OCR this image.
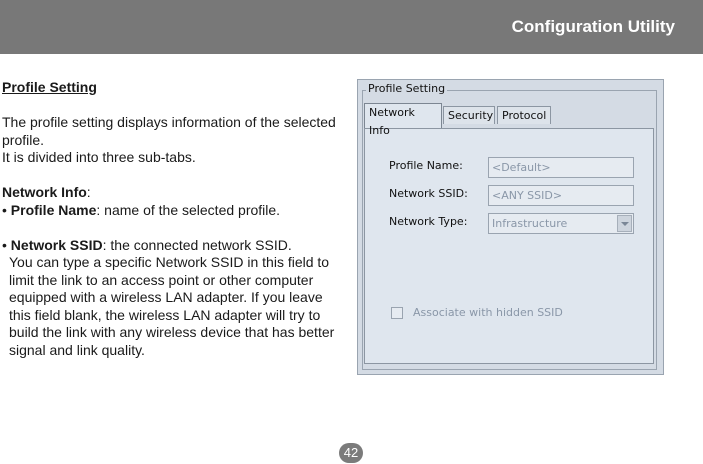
Configuration Utility

Profile Setting

The profile setting displays information of the selected profile.
It is divided into three sub-tabs.

Network Info:

• Profile Name: name of the selected profile.

• Network SSID: the connected network SSID.

You can type a specific Network SSID in this field to limit the link to an access point or other computer equipped with a wireless LAN adapter. If you leave this field blank, the wireless LAN adapter will try to build the link with any wireless device that has better signal and link quality.

Profile Setting
Network Info
Security Protocol
Profile Name:	<Default>
Network SSID:	<ANY SSID>
Network Type:	Infrastructure
Associate with hidden SSID
42
